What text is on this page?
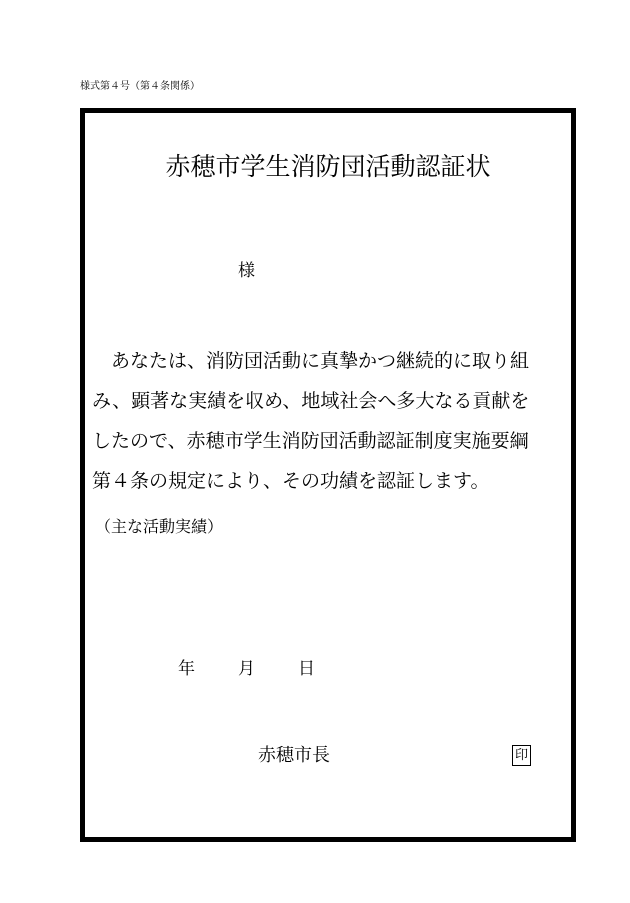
様式第４号（第４条関係）
赤穂市学生消防団活動認証状
様

　あなたは、消防団活動に真摯かつ継続的に取り組
み、顕著な実績を収め、地域社会へ多大なる貢献を
したので、赤穂市学生消防団活動認証制度実施要綱
第４条の規定により、その功績を認証します。

（主な活動実績）
年	月	日
赤穂市長	印
